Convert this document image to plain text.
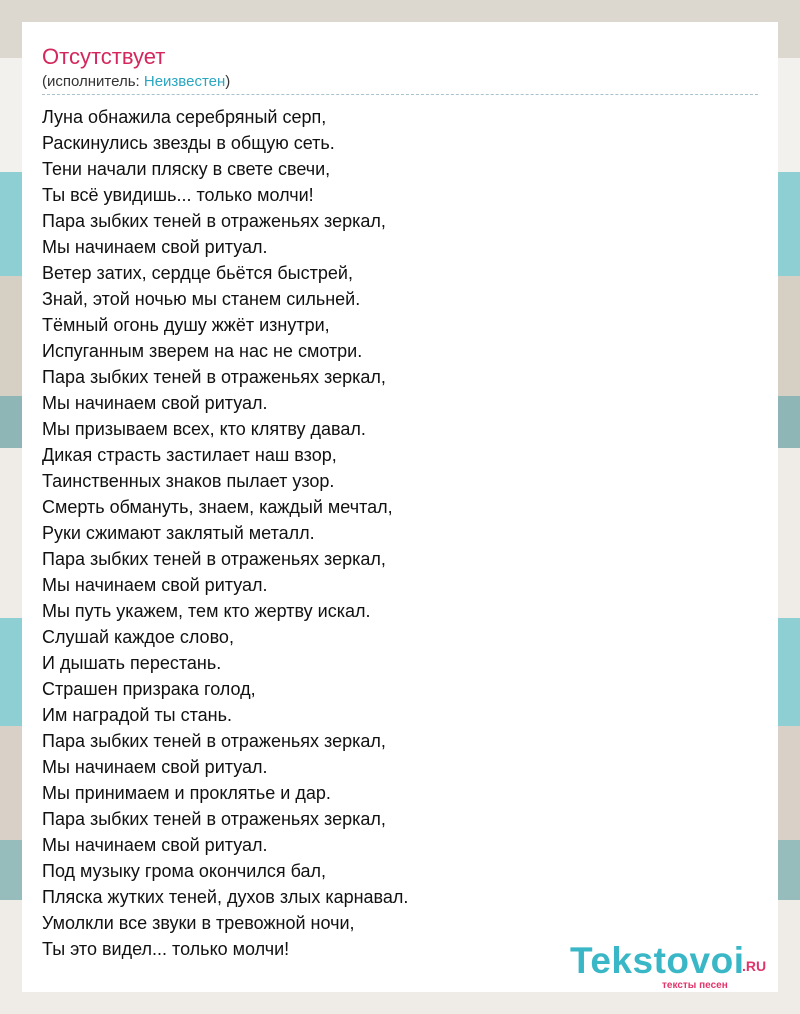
Отсутствует
(исполнитель: Неизвестен)
Луна обнажила серебряный серп,
Раскинулись звезды в общую сеть.
Тени начали пляску в свете свечи,
Ты всё увидишь... только молчи!
Пара зыбких теней в отраженьях зеркал,
Мы начинаем свой ритуал.
Ветер затих, сердце бьётся быстрей,
Знай, этой ночью мы станем сильней.
Тёмный огонь душу жжёт изнутри,
Испуганным зверем на нас не смотри.
Пара зыбких теней в отраженьях зеркал,
Мы начинаем свой ритуал.
Мы призываем всех, кто клятву давал.
Дикая страсть застилает наш взор,
Таинственных знаков пылает узор.
Смерть обмануть, знаем, каждый мечтал,
Руки сжимают заклятый металл.
Пара зыбких теней в отраженьях зеркал,
Мы начинаем свой ритуал.
Мы путь укажем, тем кто жертву искал.
Слушай каждое слово,
И дышать перестань.
Страшен призрака голод,
Им наградой ты стань.
Пара зыбких теней в отраженьях зеркал,
Мы начинаем свой ритуал.
Мы принимаем и проклятье и дар.
Пара зыбких теней в отраженьях зеркал,
Мы начинаем свой ритуал.
Под музыку грома окончился бал,
Пляска жутких теней, духов злых карнавал.
Умолкли все звуки в тревожной ночи,
Ты это видел... только молчи!	Tekstovoi
.RU
тексты песен
